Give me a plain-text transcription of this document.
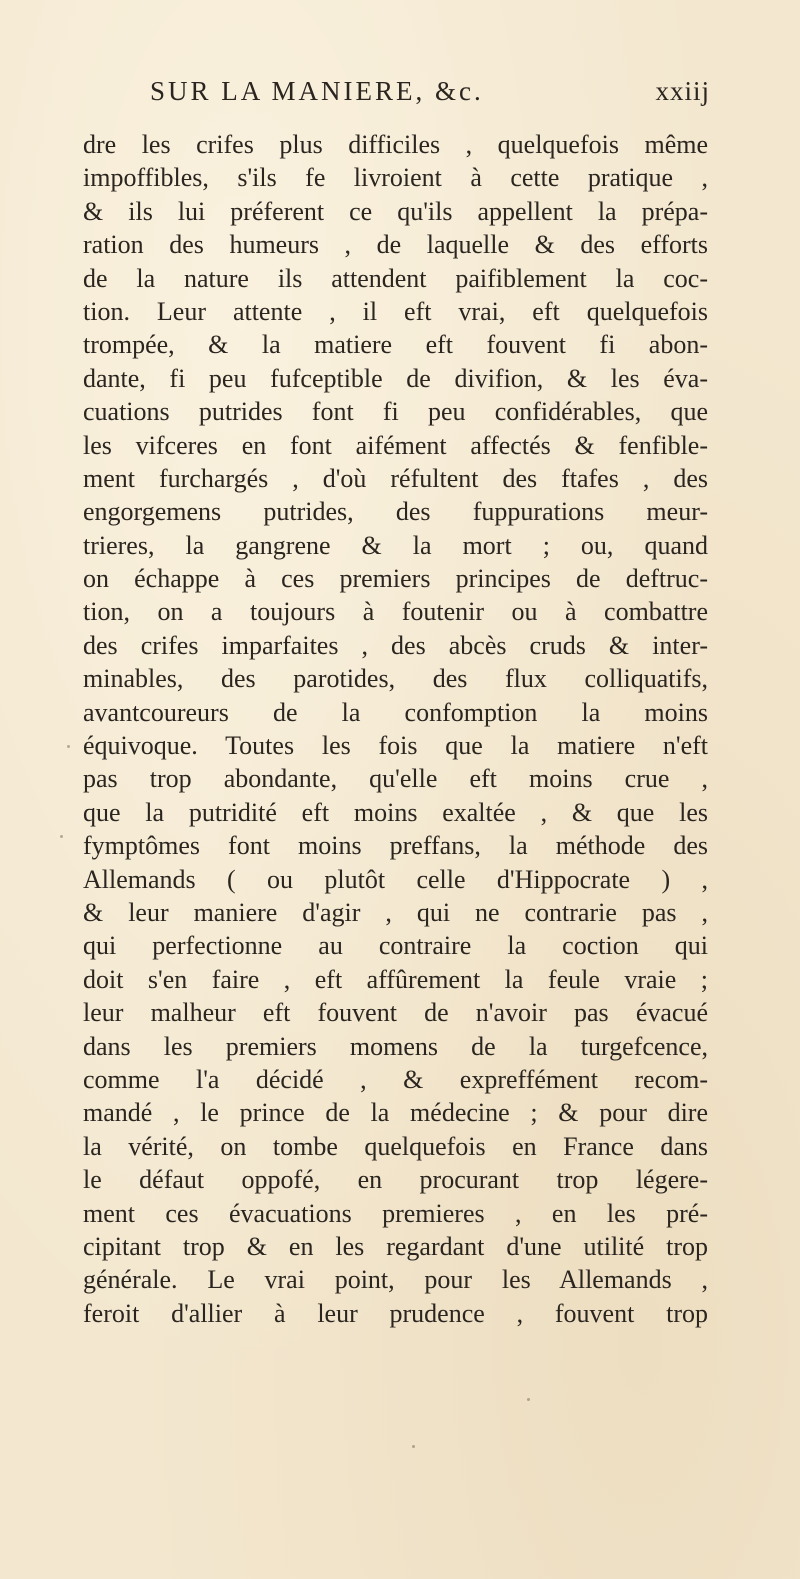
SUR LA MANIERE, &c.	xxiij
dre les crifes plus difficiles , quelquefois même
impoffibles, s'ils fe livroient à cette pratique ,
& ils lui préferent ce qu'ils appellent la prépa-
ration des humeurs , de laquelle & des efforts
de la nature ils attendent paifiblement la coc-
tion. Leur attente , il eft vrai, eft quelquefois
trompée, & la matiere eft fouvent fi abon-
dante, fi peu fufceptible de divifion, & les éva-
cuations putrides font fi peu confidérables, que
les vifceres en font aifément affectés & fenfible-
ment furchargés , d'où réfultent des ftafes , des
engorgemens putrides, des fuppurations meur-
trieres, la gangrene & la mort ; ou, quand
on échappe à ces premiers principes de deftruc-
tion, on a toujours à foutenir ou à combattre
des crifes imparfaites , des abcès cruds & inter-
minables, des parotides, des flux colliquatifs,
avantcoureurs de la confomption la moins
équivoque. Toutes les fois que la matiere n'eft
pas trop abondante, qu'elle eft moins crue ,
que la putridité eft moins exaltée , & que les
fymptômes font moins preffans, la méthode des
Allemands ( ou plutôt celle d'Hippocrate ) ,
& leur maniere d'agir , qui ne contrarie pas ,
qui perfectionne au contraire la coction qui
doit s'en faire , eft affûrement la feule vraie ;
leur malheur eft fouvent de n'avoir pas évacué
dans les premiers momens de la turgefcence,
comme l'a décidé , & expreffément recom-
mandé , le prince de la médecine ; & pour dire
la vérité, on tombe quelquefois en France dans
le défaut oppofé, en procurant trop légere-
ment ces évacuations premieres , en les pré-
cipitant trop & en les regardant d'une utilité trop
générale. Le vrai point, pour les Allemands ,
feroit d'allier à leur prudence , fouvent trop
